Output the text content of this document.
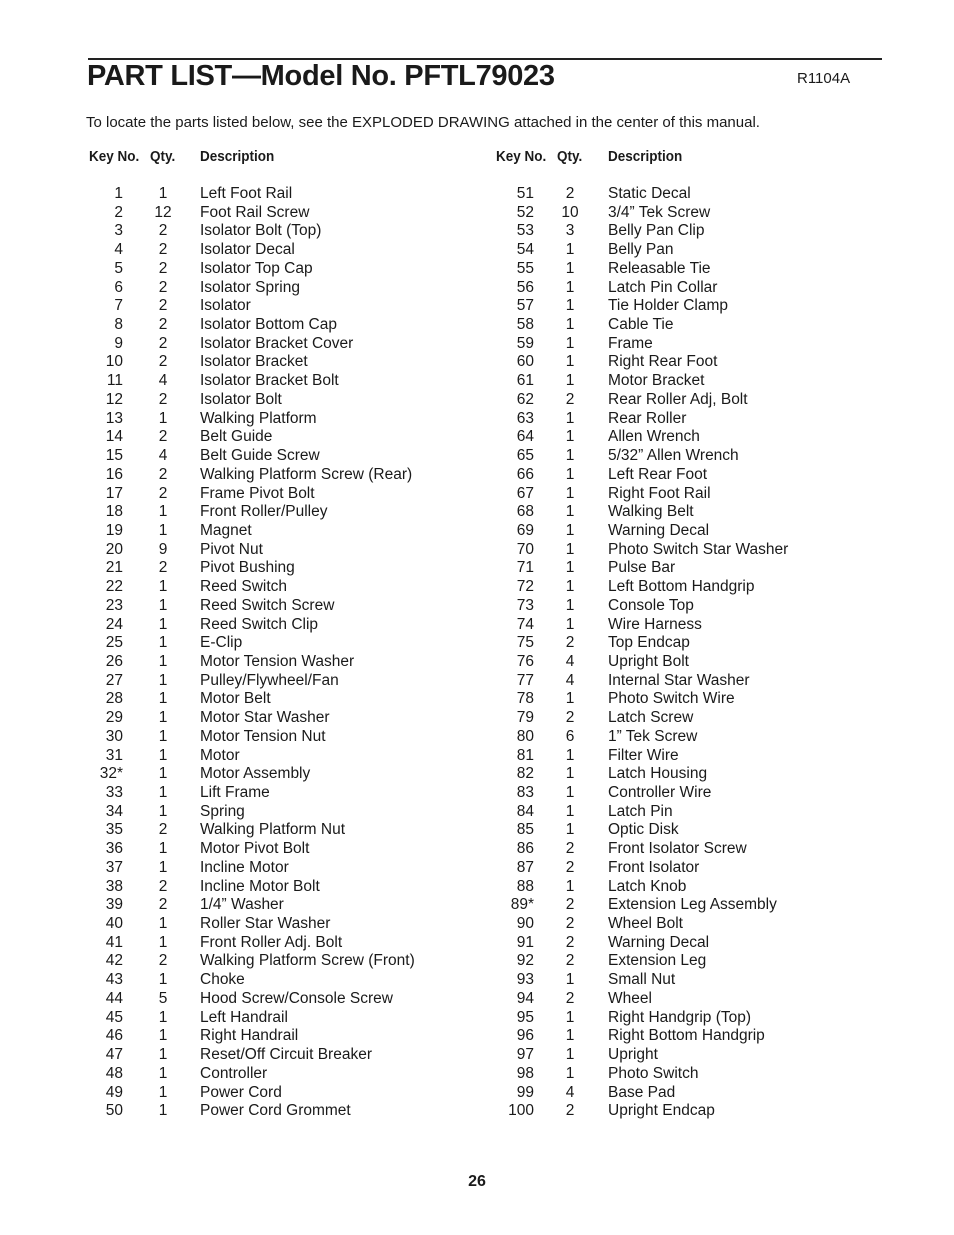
PART LIST—Model No. PFTL79023	R1104A
To locate the parts listed below, see the EXPLODED DRAWING attached in the center of this manual.
Key No. Qty. Description	Key No. Qty. Description
1	1	Left Foot Rail
2	12	Foot Rail Screw
3	2	Isolator Bolt (Top)
4	2	Isolator Decal
5	2	Isolator Top Cap
6	2	Isolator Spring
7	2	Isolator
8	2	Isolator Bottom Cap
9	2	Isolator Bracket Cover
10	2	Isolator Bracket
11	4	Isolator Bracket Bolt
12	2	Isolator Bolt
13	1	Walking Platform
14	2	Belt Guide
15	4	Belt Guide Screw
16	2	Walking Platform Screw (Rear)
17	2	Frame Pivot Bolt
18	1	Front Roller/Pulley
19	1	Magnet
20	9	Pivot Nut
21	2	Pivot Bushing
22	1	Reed Switch
23	1	Reed Switch Screw
24	1	Reed Switch Clip
25	1	E-Clip
26	1	Motor Tension Washer
27	1	Pulley/Flywheel/Fan
28	1	Motor Belt
29	1	Motor Star Washer
30	1	Motor Tension Nut
31	1	Motor
32*	1	Motor Assembly
33	1	Lift Frame
34	1	Spring
35	2	Walking Platform Nut
36	1	Motor Pivot Bolt
37	1	Incline Motor
38	2	Incline Motor Bolt
39	2	1/4” Washer
40	1	Roller Star Washer
41	1	Front Roller Adj. Bolt
42	2	Walking Platform Screw (Front)
43	1	Choke
44	5	Hood Screw/Console Screw
45	1	Left Handrail
46	1	Right Handrail
47	1	Reset/Off Circuit Breaker
48	1	Controller
49	1	Power Cord
50	1	Power Cord Grommet
51	2	Static Decal
52	10	3/4” Tek Screw
53	3	Belly Pan Clip
54	1	Belly Pan
55	1	Releasable Tie
56	1	Latch Pin Collar
57	1	Tie Holder Clamp
58	1	Cable Tie
59	1	Frame
60	1	Right Rear Foot
61	1	Motor Bracket
62	2	Rear Roller Adj, Bolt
63	1	Rear Roller
64	1	Allen Wrench
65	1	5/32” Allen Wrench
66	1	Left Rear Foot
67	1	Right Foot Rail
68	1	Walking Belt
69	1	Warning Decal
70	1	Photo Switch Star Washer
71	1	Pulse Bar
72	1	Left Bottom Handgrip
73	1	Console Top
74	1	Wire Harness
75	2	Top Endcap
76	4	Upright Bolt
77	4	Internal Star Washer
78	1	Photo Switch Wire
79	2	Latch Screw
80	6	1” Tek Screw
81	1	Filter Wire
82	1	Latch Housing
83	1	Controller Wire
84	1	Latch Pin
85	1	Optic Disk
86	2	Front Isolator Screw
87	2	Front Isolator
88	1	Latch Knob
89*	2	Extension Leg Assembly
90	2	Wheel Bolt
91	2	Warning Decal
92	2	Extension Leg
93	1	Small Nut
94	2	Wheel
95	1	Right Handgrip (Top)
96	1	Right Bottom Handgrip
97	1	Upright
98	1	Photo Switch
99	4	Base Pad
100	2	Upright Endcap
26
